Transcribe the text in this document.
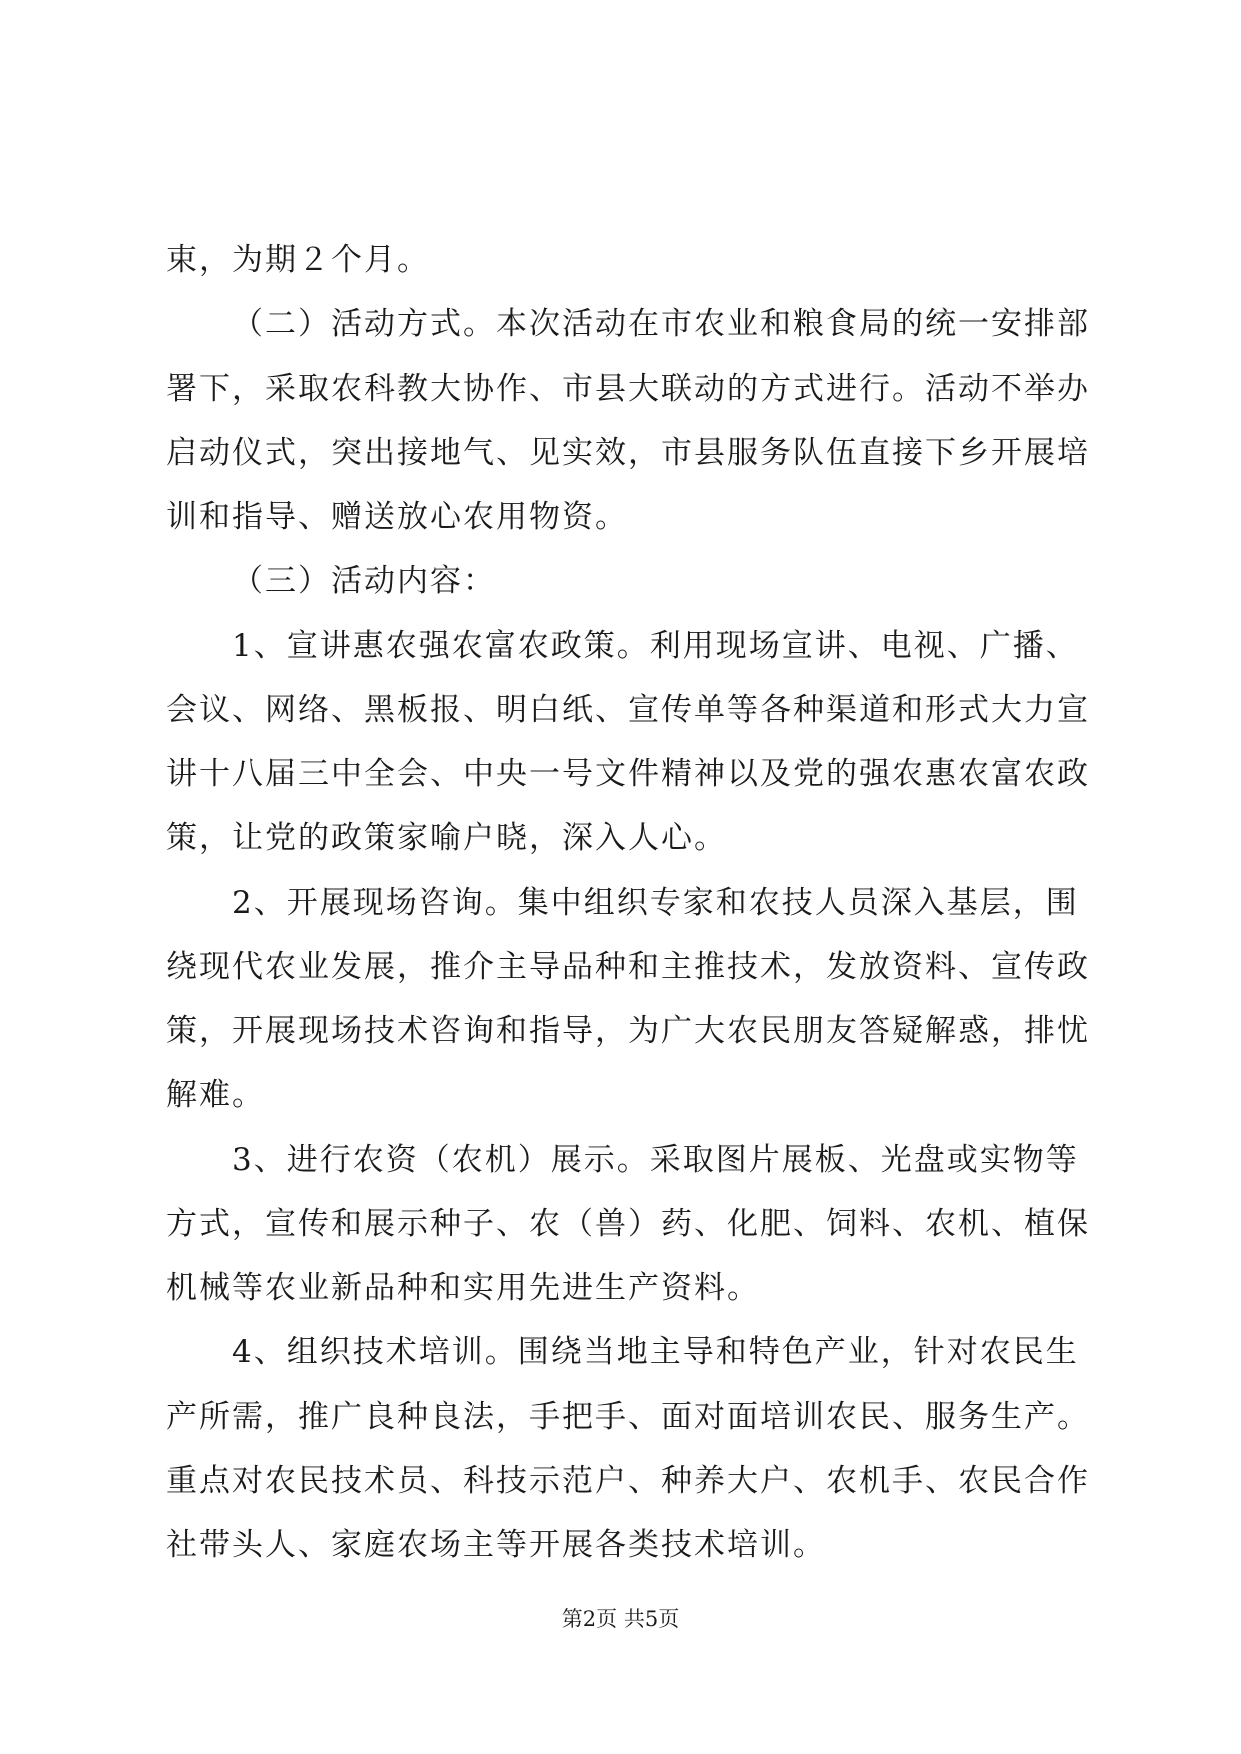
束，为期２个月。
（二）活动方式。本次活动在市农业和粮食局的统一安排部
署下，采取农科教大协作、市县大联动的方式进行。活动不举办
启动仪式，突出接地气、见实效，市县服务队伍直接下乡开展培
训和指导、赠送放心农用物资。
（三）活动内容：
1、宣讲惠农强农富农政策。利用现场宣讲、电视、广播、
会议、网络、黑板报、明白纸、宣传单等各种渠道和形式大力宣
讲十八届三中全会、中央一号文件精神以及党的强农惠农富农政
策，让党的政策家喻户晓，深入人心。
2、开展现场咨询。集中组织专家和农技人员深入基层，围
绕现代农业发展，推介主导品种和主推技术，发放资料、宣传政
策，开展现场技术咨询和指导，为广大农民朋友答疑解惑，排忧
解难。
3、进行农资（农机）展示。采取图片展板、光盘或实物等
方式，宣传和展示种子、农（兽）药、化肥、饲料、农机、植保
机械等农业新品种和实用先进生产资料。
4、组织技术培训。围绕当地主导和特色产业，针对农民生
产所需，推广良种良法，手把手、面对面培训农民、服务生产。
重点对农民技术员、科技示范户、种养大户、农机手、农民合作
社带头人、家庭农场主等开展各类技术培训。
第2页 共5页
